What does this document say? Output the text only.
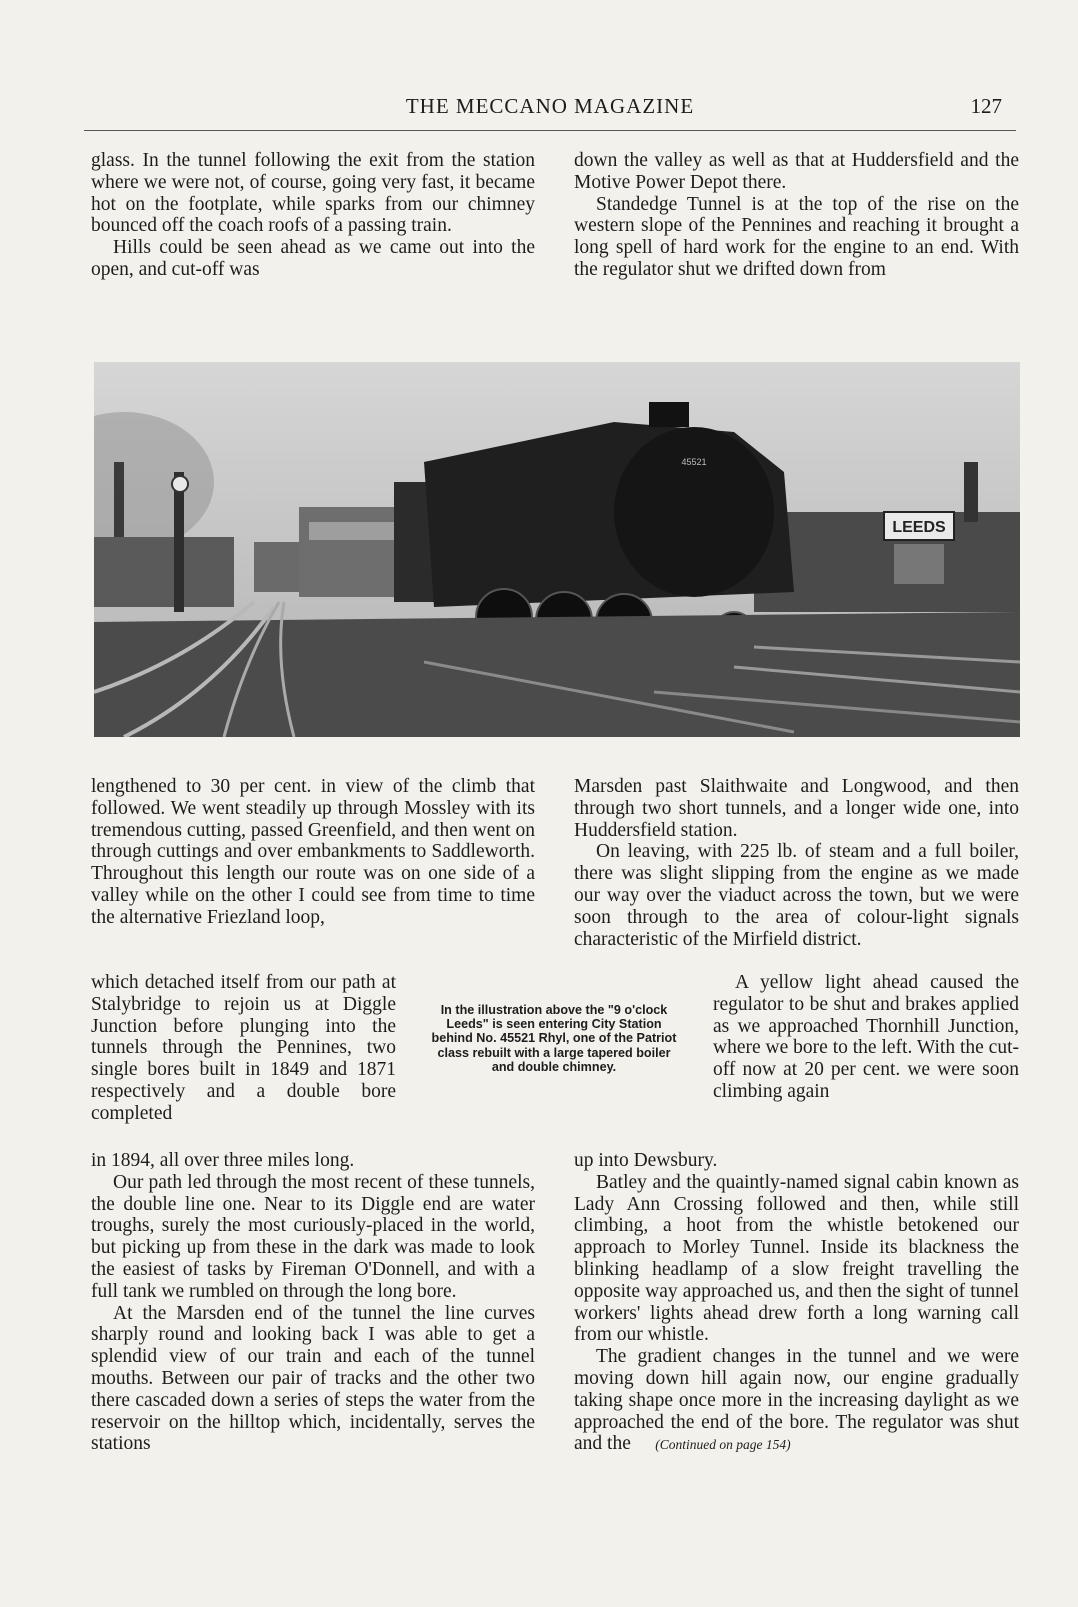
THE MECCANO MAGAZINE	127

glass. In the tunnel following the exit from the station where we were not, of course, going very fast, it became hot on the footplate, while sparks from our chimney bounced off the coach roofs of a passing train.

Hills could be seen ahead as we came out into the open, and cut-off was

down the valley as well as that at Huddersfield and the Motive Power Depot there.

Standedge Tunnel is at the top of the rise on the western slope of the Pennines and reaching it brought a long spell of hard work for the engine to an end. With the regulator shut we drifted down from

LEEDS
45521

lengthened to 30 per cent. in view of the climb that followed. We went steadily up through Mossley with its tremendous cutting, passed Greenfield, and then went on through cuttings and over embankments to Saddleworth. Throughout this length our route was on one side of a valley while on the other I could see from time to time the alternative Friezland loop,

which detached itself from our path at Stalybridge to rejoin us at Diggle Junction before plunging into the tunnels through the Pennines, two single bores built in 1849 and 1871 respectively and a double bore completed

in 1894, all over three miles long.

Our path led through the most recent of these tunnels, the double line one. Near to its Diggle end are water troughs, surely the most curiously-placed in the world, but picking up from these in the dark was made to look the easiest of tasks by Fireman O'Donnell, and with a full tank we rumbled on through the long bore.

At the Marsden end of the tunnel the line curves sharply round and looking back I was able to get a splendid view of our train and each of the tunnel mouths. Between our pair of tracks and the other two there cascaded down a series of steps the water from the reservoir on the hilltop which, incidentally, serves the stations

In the illustration above the "9 o'clock Leeds" is seen entering City Station behind No. 45521 Rhyl, one of the Patriot class rebuilt with a large tapered boiler and double chimney.

Marsden past Slaithwaite and Longwood, and then through two short tunnels, and a longer wide one, into Huddersfield station.

On leaving, with 225 lb. of steam and a full boiler, there was slight slipping from the engine as we made our way over the viaduct across the town, but we were soon through to the area of colour-light signals characteristic of the Mirfield district.

A yellow light ahead caused the regulator to be shut and brakes applied as we approached Thornhill Junction, where we bore to the left. With the cut-off now at 20 per cent. we were soon climbing again

up into Dewsbury.

Batley and the quaintly-named signal cabin known as Lady Ann Crossing followed and then, while still climbing, a hoot from the whistle betokened our approach to Morley Tunnel. Inside its blackness the blinking headlamp of a slow freight travelling the opposite way approached us, and then the sight of tunnel workers' lights ahead drew forth a long warning call from our whistle.

The gradient changes in the tunnel and we were moving down hill again now, our engine gradually taking shape once more in the increasing daylight as we approached the end of the bore. The regulator was shut and the (Continued on page 154)
